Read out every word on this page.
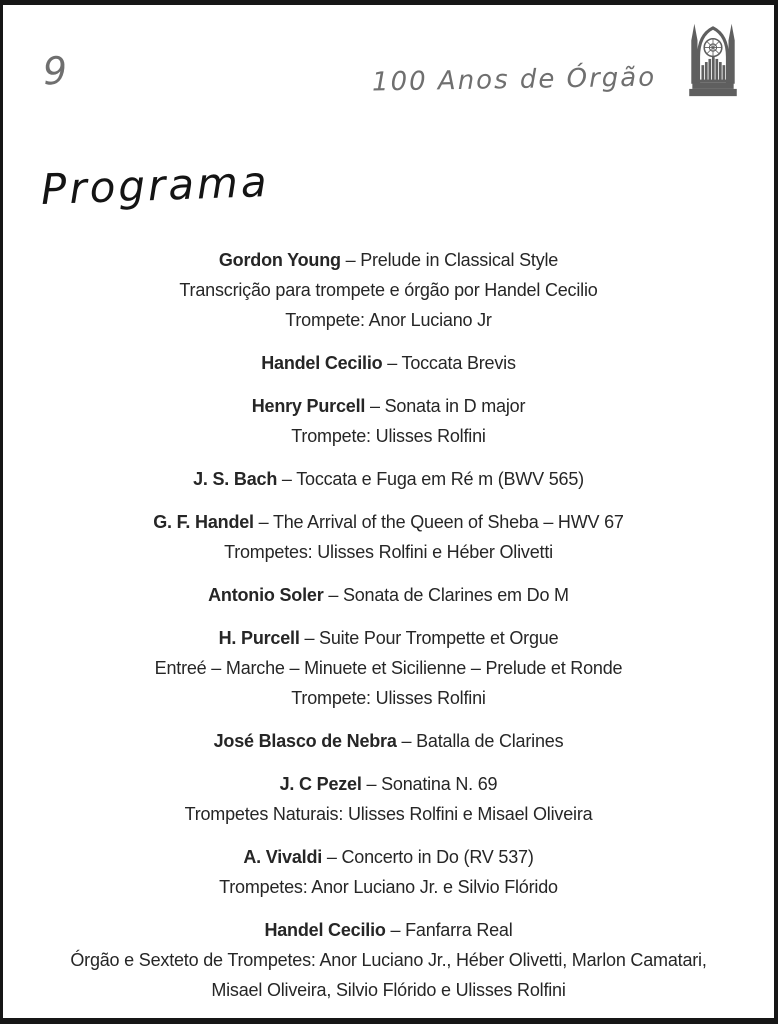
9	100 Anos de Órgão
Programa
Gordon Young – Prelude in Classical Style
Transcrição para trompete e órgão por Handel Cecilio
Trompete: Anor Luciano Jr
Handel Cecilio – Toccata Brevis
Henry Purcell – Sonata in D major
Trompete: Ulisses Rolfini
J. S. Bach – Toccata e Fuga em Ré m (BWV 565)
G. F. Handel – The Arrival of the Queen of Sheba – HWV 67
Trompetes: Ulisses Rolfini e Héber Olivetti
Antonio Soler – Sonata de Clarines em Do M
H. Purcell – Suite Pour Trompette et Orgue
Entreé – Marche – Minuete et Sicilienne – Prelude et Ronde
Trompete: Ulisses Rolfini
José Blasco de Nebra – Batalla de Clarines
J. C Pezel – Sonatina N. 69
Trompetes Naturais: Ulisses Rolfini e Misael Oliveira
A. Vivaldi – Concerto in Do (RV 537)
Trompetes: Anor Luciano Jr. e Silvio Flórido
Handel Cecilio – Fanfarra Real
Órgão e Sexteto de Trompetes: Anor Luciano Jr., Héber Olivetti, Marlon Camatari,
Misael Oliveira, Silvio Flórido e Ulisses Rolfini
